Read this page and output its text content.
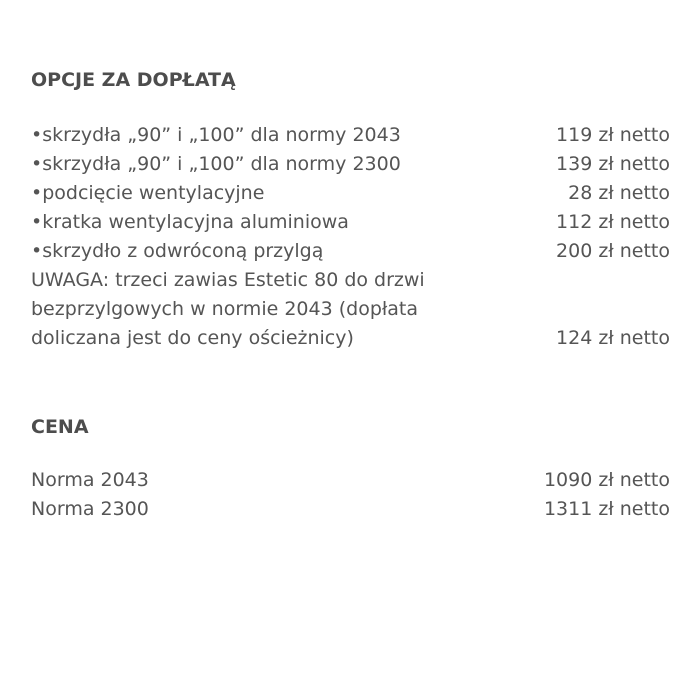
OPCJE ZA DOPŁATĄ
•skrzydła „90” i „100” dla normy 2043	119 zł netto
•skrzydła „90” i „100” dla normy 2300	139 zł netto
•podcięcie wentylacyjne	28 zł netto
•kratka wentylacyjna aluminiowa	112 zł netto
•skrzydło z odwróconą przylgą	200 zł netto
UWAGA: trzeci zawias Estetic 80 do drzwi bezprzylgowych w normie 2043 (dopłata doliczana jest do ceny ościeżnicy)	124 zł netto
CENA
Norma 2043	1090 zł netto
Norma 2300	1311 zł netto
